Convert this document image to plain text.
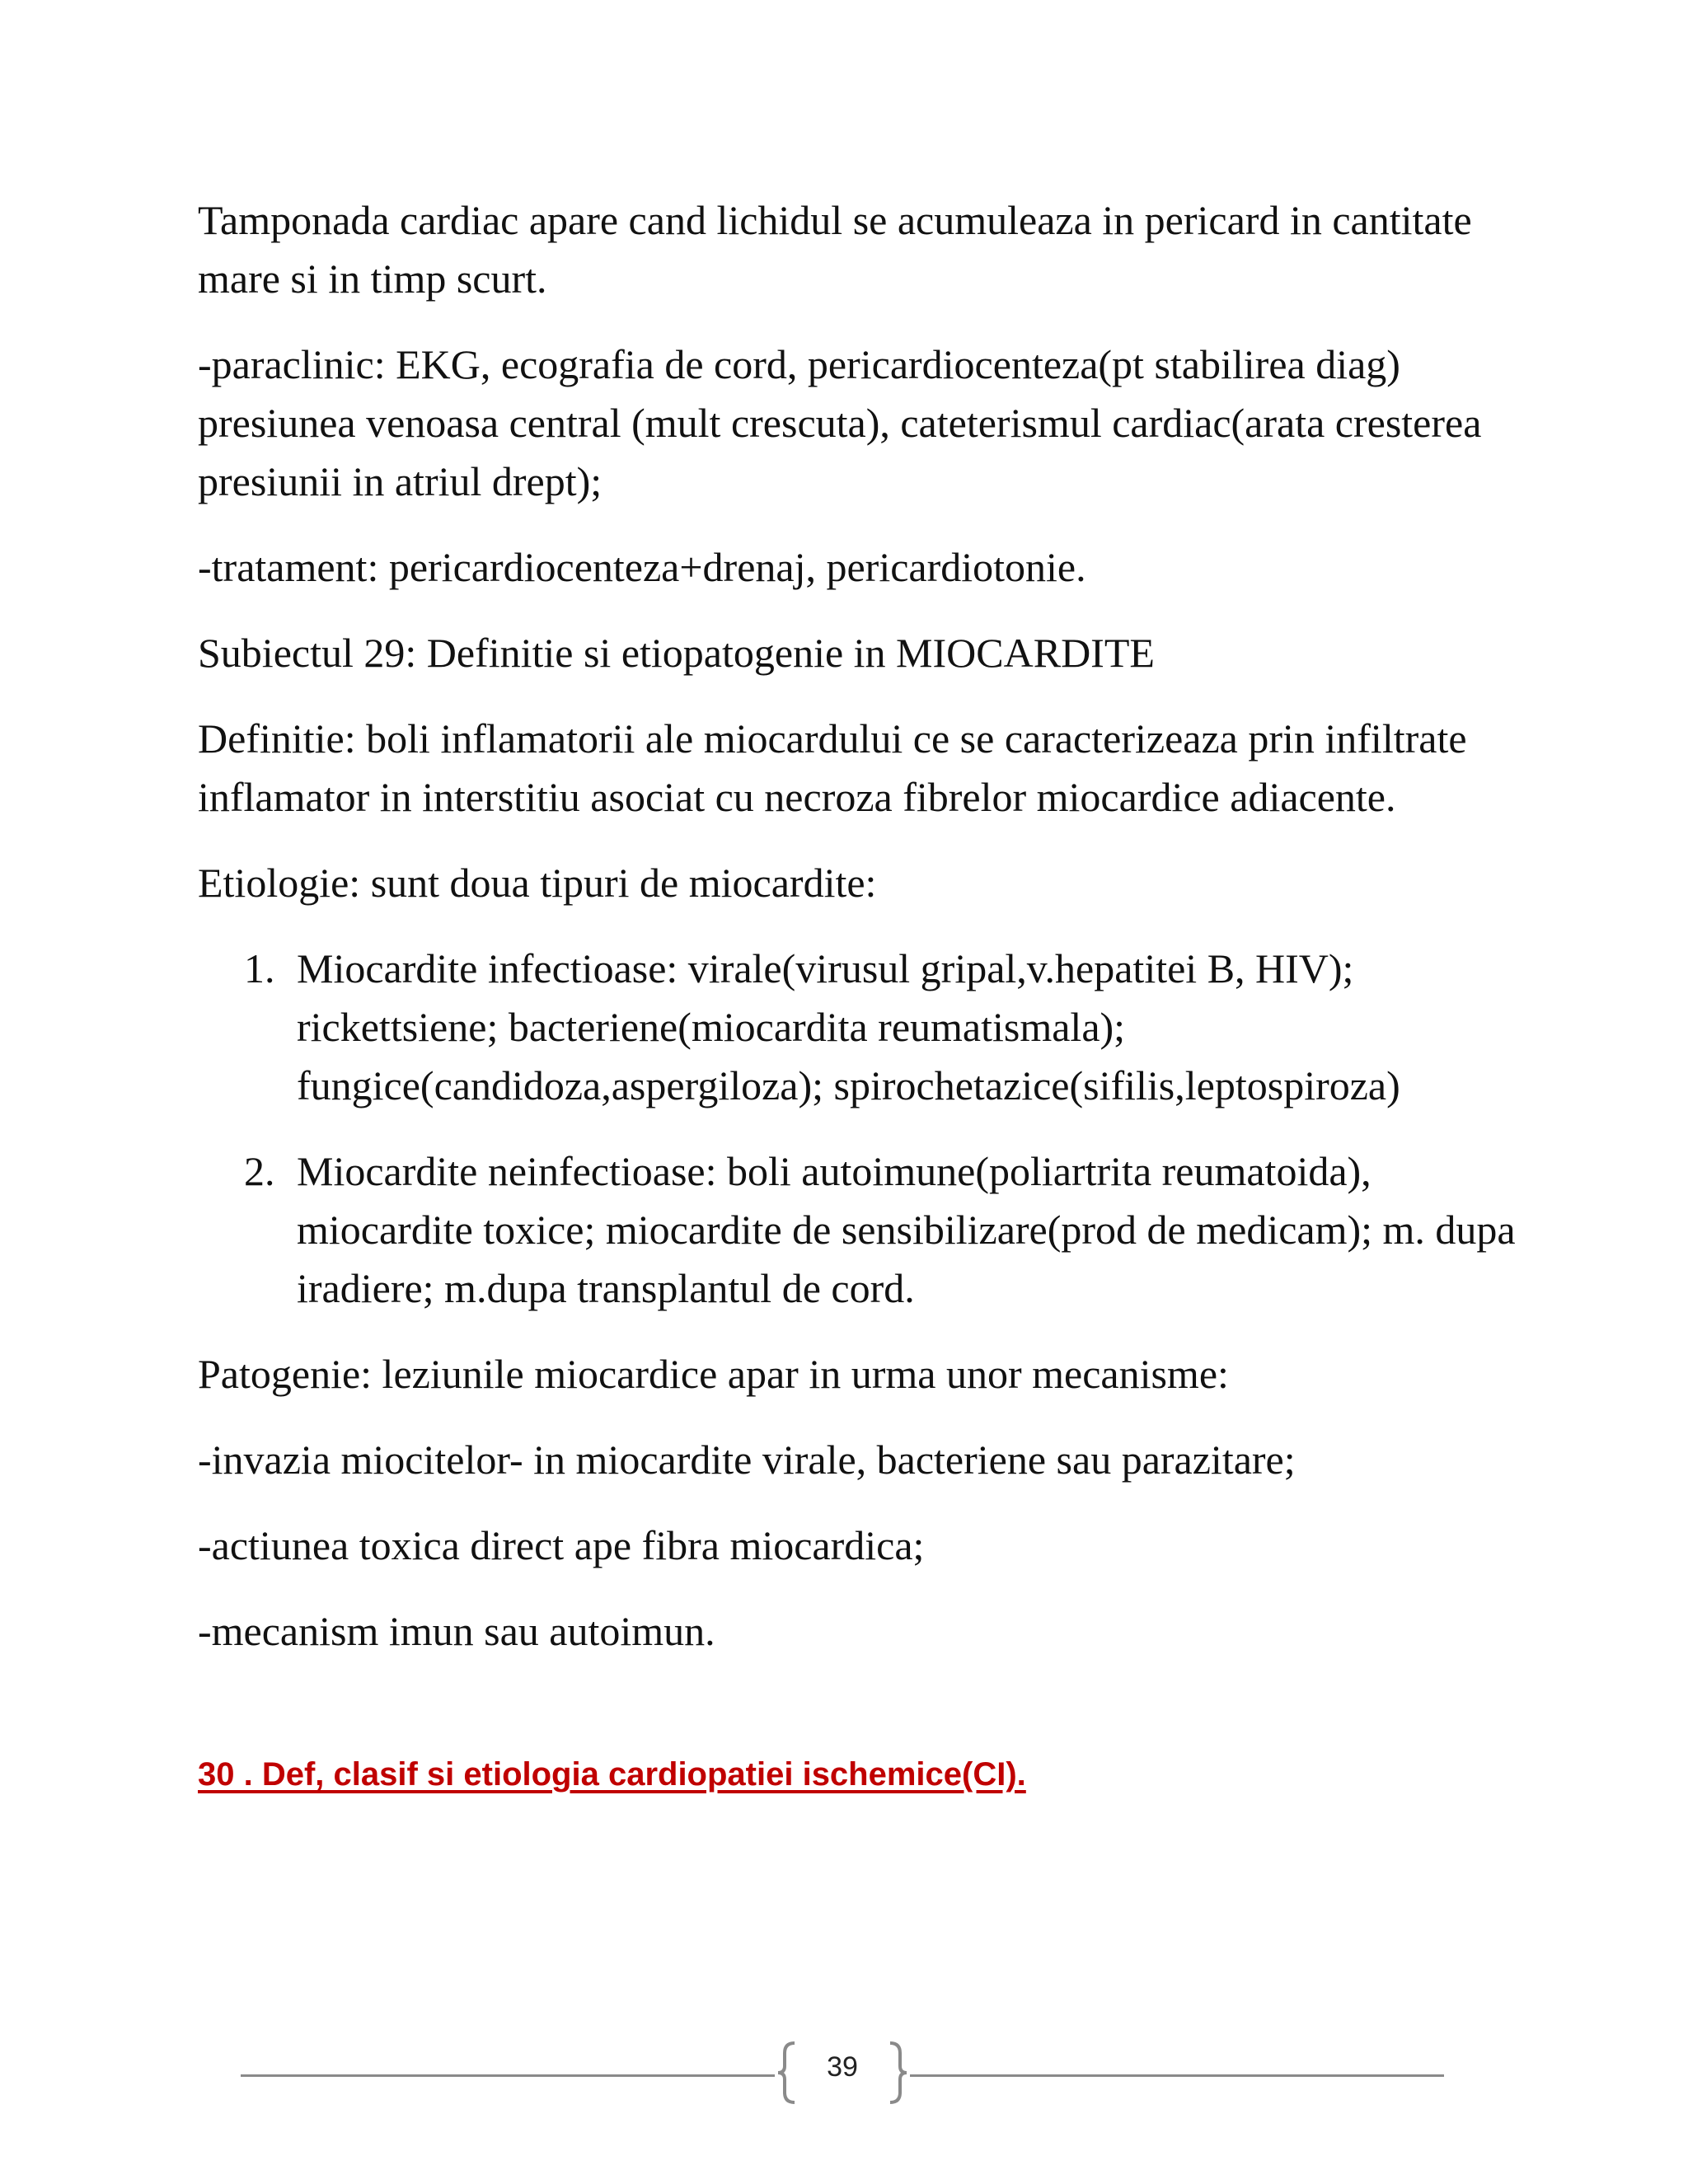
Tamponada cardiac apare cand lichidul se acumuleaza in pericard in cantitate mare si in timp scurt.

-paraclinic: EKG, ecografia de cord, pericardiocenteza(pt stabilirea diag) presiunea venoasa central (mult crescuta), cateterismul cardiac(arata cresterea presiunii in atriul drept);

-tratament: pericardiocenteza+drenaj, pericardiotonie.

Subiectul 29: Definitie si etiopatogenie in MIOCARDITE

Definitie: boli inflamatorii ale miocardului ce se caracterizeaza prin infiltrate inflamator in interstitiu asociat cu necroza fibrelor miocardice adiacente.

Etiologie: sunt doua tipuri de miocardite:

1. Miocardite infectioase: virale(virusul gripal,v.hepatitei B, HIV); rickettsiene; bacteriene(miocardita reumatismala); fungice(candidoza,aspergiloza); spirochetazice(sifilis,leptospiroza)
2. Miocardite neinfectioase: boli autoimune(poliartrita reumatoida), miocardite toxice; miocardite de sensibilizare(prod de medicam); m. dupa iradiere; m.dupa transplantul de cord.

Patogenie: leziunile miocardice apar in urma unor mecanisme:

-invazia miocitelor- in miocardite virale, bacteriene sau parazitare;

-actiunea toxica direct ape fibra miocardica;

-mecanism imun sau autoimun.

30 . Def, clasif si etiologia cardiopatiei ischemice(CI).
39
